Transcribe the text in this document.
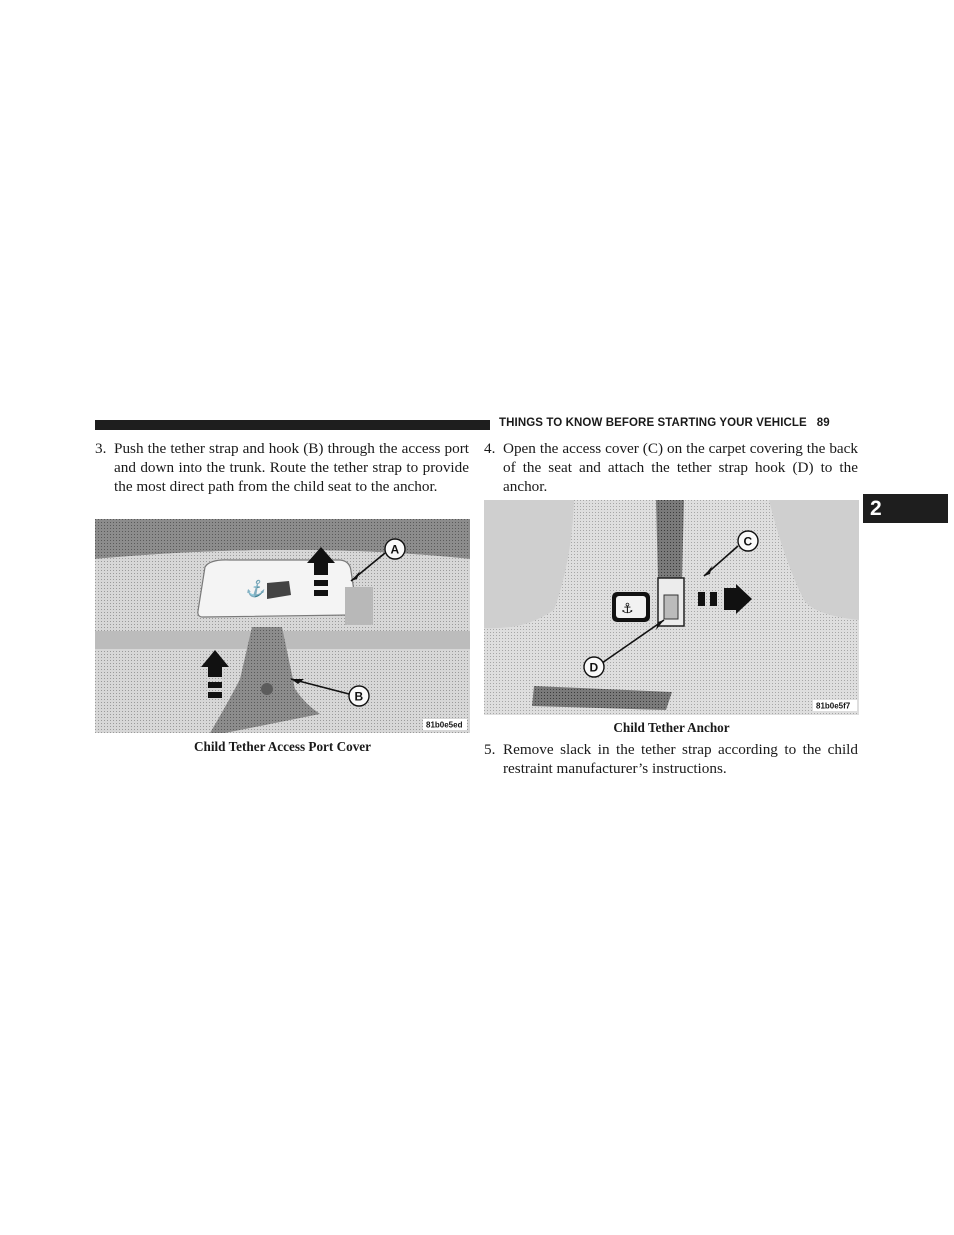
THINGS TO KNOW BEFORE STARTING YOUR VEHICLE 89
2
3. Push the tether strap and hook (B) through the access port and down into the trunk. Route the tether strap to provide the most direct path from the child seat to the anchor.
⚓
A
B
81b0e5ed
Child Tether Access Port Cover
4. Open the access cover (C) on the carpet covering the back of the seat and attach the tether strap hook (D) to the anchor.
⚓
C
D
81b0e5f7
Child Tether Anchor
5. Remove slack in the tether strap according to the child restraint manufacturer’s instructions.
